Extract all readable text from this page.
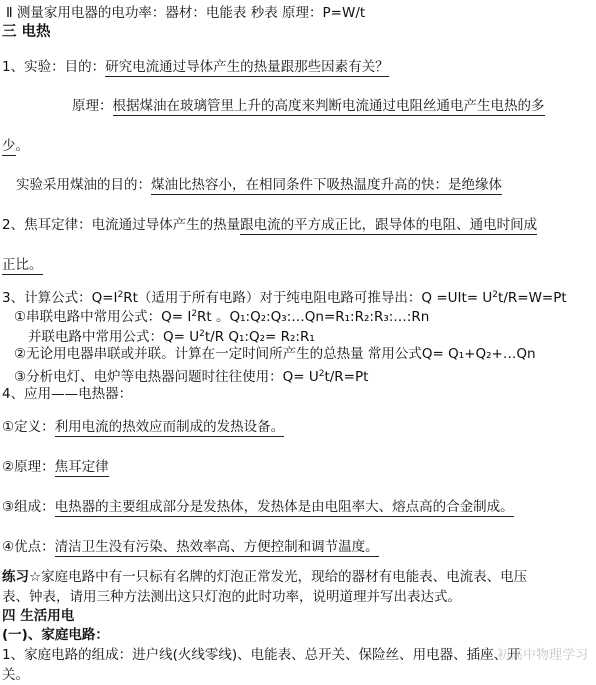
Ⅱ 测量家用电器的电功率：器材：电能表 秒表 原理：P=W/t
三 电热
1、实验：目的：研究电流通过导体产生的热量跟那些因素有关？
原理：根据煤油在玻璃管里上升的高度来判断电流通过电阻丝通电产生电热的多
少。
实验采用煤油的目的：煤油比热容小，在相同条件下吸热温度升高的快：是绝缘体
2、焦耳定律：电流通过导体产生的热量跟电流的平方成正比，跟导体的电阻、通电时间成
正比。
3、计算公式：$Q=I^2Rt$（适用于所有电路）对于纯电阻电路可推导出：$Q =UIt= U^2t/R=W=Pt$
①串联电路中常用公式：$Q= I^2Rt$ 。Q₁:Q₂:Q₃:…Qn=R₁:R₂:R₃:…:Rn
并联电路中常用公式：$Q= U^2t/R$ Q₁:Q₂= R₂:R₁
②无论用电器串联或并联。计算在一定时间所产生的总热量 常用公式Q= Q₁+Q₂+…Qn
③分析电灯、电炉等电热器问题时往往使用：$Q= U^2t/R=Pt$
4、应用——电热器：
①定义：利用电流的热效应而制成的发热设备。
②原理：焦耳定律
③组成：电热器的主要组成部分是发热体，发热体是由电阻率大、熔点高的合金制成。
④优点：清洁卫生没有污染、热效率高、方便控制和调节温度。
练习☆家庭电路中有一只标有名牌的灯泡正常发光，现给的器材有电能表、电流表、电压
表、钟表，请用三种方法测出这只灯泡的此时功率，说明道理并写出表达式。
四 生活用电
(一)、家庭电路：
1、家庭电路的组成：进户线(火线零线)、电能表、总开关、保险丝、用电器、插座、开
关。
初高中物理学习
